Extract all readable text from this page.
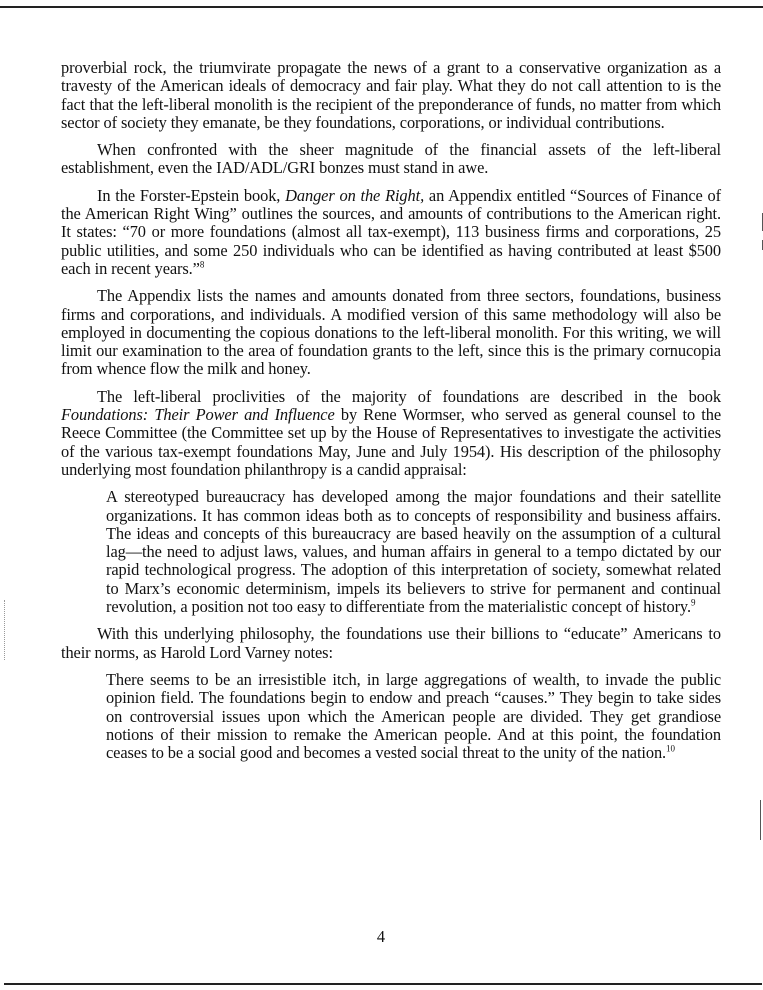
proverbial rock, the triumvirate propagate the news of a grant to a conservative organization as a travesty of the American ideals of democracy and fair play. What they do not call attention to is the fact that the left-liberal monolith is the recipient of the preponderance of funds, no matter from which sector of society they emanate, be they foundations, corporations, or individual contributions.

When confronted with the sheer magnitude of the financial assets of the left-liberal establishment, even the IAD/ADL/GRI bonzes must stand in awe.

In the Forster-Epstein book, Danger on the Right, an Appendix entitled “Sources of Finance of the American Right Wing” outlines the sources, and amounts of contributions to the American right. It states: “70 or more foundations (almost all tax-exempt), 113 business firms and corporations, 25 public utilities, and some 250 individuals who can be identified as having contributed at least $500 each in recent years.”$^8$

The Appendix lists the names and amounts donated from three sectors, foundations, business firms and corporations, and individuals. A modified version of this same methodology will also be employed in documenting the copious donations to the left-liberal monolith. For this writing, we will limit our examination to the area of foundation grants to the left, since this is the primary cornucopia from whence flow the milk and honey.

The left-liberal proclivities of the majority of foundations are described in the book Foundations: Their Power and Influence by Rene Wormser, who served as general counsel to the Reece Committee (the Committee set up by the House of Representatives to investigate the activities of the various tax-exempt foundations May, June and July 1954). His description of the philosophy underlying most foundation philanthropy is a candid appraisal:

A stereotyped bureaucracy has developed among the major foundations and their satellite organizations. It has common ideas both as to concepts of responsibility and business affairs. The ideas and concepts of this bureaucracy are based heavily on the assumption of a cultural lag—the need to adjust laws, values, and human affairs in general to a tempo dictated by our rapid technological progress. The adoption of this interpretation of society, somewhat related to Marx’s economic determinism, impels its believers to strive for permanent and continual revolution, a position not too easy to differentiate from the materialistic concept of history.$^9$

With this underlying philosophy, the foundations use their billions to “educate” Americans to their norms, as Harold Lord Varney notes:

There seems to be an irresistible itch, in large aggregations of wealth, to invade the public opinion field. The foundations begin to endow and preach “causes.” They begin to take sides on controversial issues upon which the American people are divided. They get grandiose notions of their mission to remake the American people. And at this point, the foundation ceases to be a social good and becomes a vested social threat to the unity of the nation.$^{10}$

4
